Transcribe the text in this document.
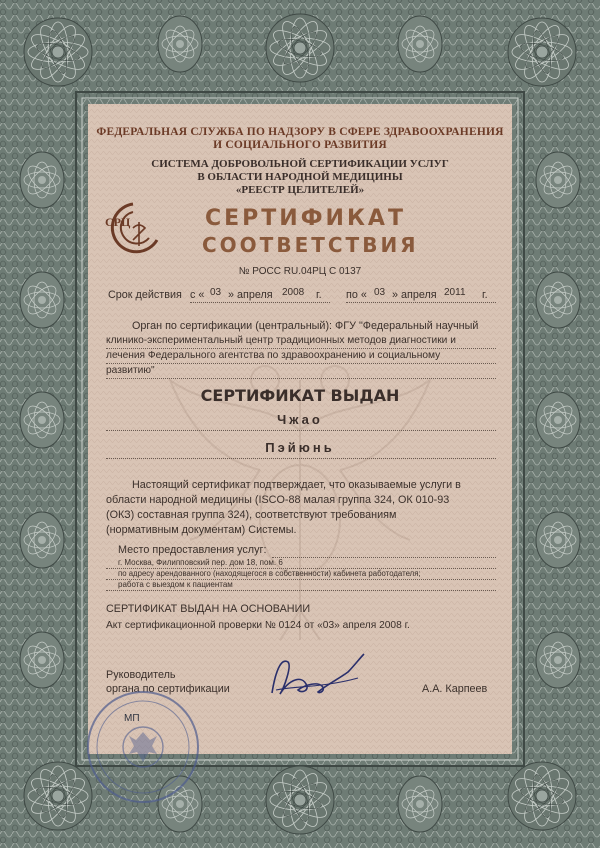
ФЕДЕРАЛЬНАЯ СЛУЖБА ПО НАДЗОРУ В СФЕРЕ ЗДРАВООХРАНЕНИЯ
И СОЦИАЛЬНОГО РАЗВИТИЯ
СИСТЕМА ДОБРОВОЛЬНОЙ СЕРТИФИКАЦИИ УСЛУГ
В ОБЛАСТИ НАРОДНОЙ МЕДИЦИНЫ
«РЕЕСТР ЦЕЛИТЕЛЕЙ»
СРЦ	СЕРТИФИКАТ
СООТВЕТСТВИЯ
№ РОСС RU.04РЦ С 0137
Срок действия с « 03 » апреля 2008 г. по « 03 » апреля 2011 г.
Орган по сертификации (центральный): ФГУ "Федеральный научный
клинико-экспериментальный центр традиционных методов диагностики и
лечения Федерального агентства по здравоохранению и социальному
развитию"
СЕРТИФИКАТ ВЫДАН
Чжао
Пэйюнь
Настоящий сертификат подтверждает, что оказываемые услуги в
области народной медицины (ISCO-88 малая группа 324, ОК 010-93
(ОКЗ) составная группа 324), соответствуют требованиям
(нормативным документам) Системы.
Место предоставления услуг:
г. Москва, Филипповский пер. дом 18, пом. 6
по адресу арендованного (находящегося в собственности) кабинета работодателя;
работа с выездом к пациентам
СЕРТИФИКАТ ВЫДАН НА ОСНОВАНИИ
Акт сертификационной проверки № 0124 от «03» апреля 2008 г.
Руководитель
органа по сертификации	А.А. Карпеев
МП
